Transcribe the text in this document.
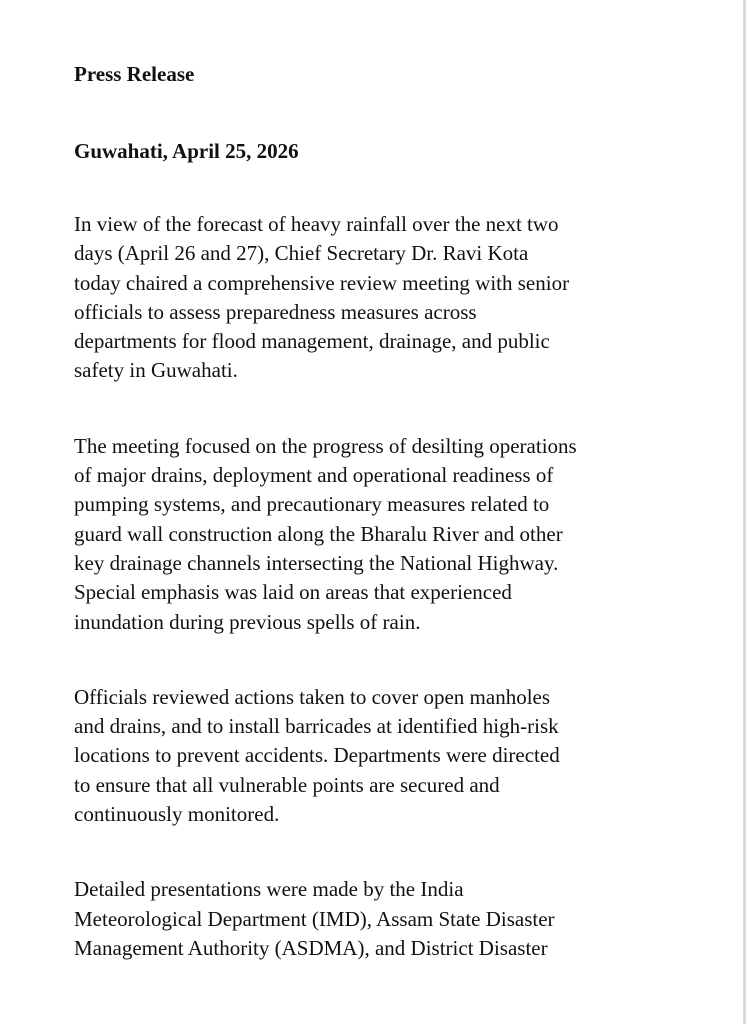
Press Release

Guwahati, April 25, 2026

In view of the forecast of heavy rainfall over the next two
days (April 26 and 27), Chief Secretary Dr. Ravi Kota
today chaired a comprehensive review meeting with senior
officials to assess preparedness measures across
departments for flood management, drainage, and public
safety in Guwahati.

The meeting focused on the progress of desilting operations
of major drains, deployment and operational readiness of
pumping systems, and precautionary measures related to
guard wall construction along the Bharalu River and other
key drainage channels intersecting the National Highway.
Special emphasis was laid on areas that experienced
inundation during previous spells of rain.

Officials reviewed actions taken to cover open manholes
and drains, and to install barricades at identified high-risk
locations to prevent accidents. Departments were directed
to ensure that all vulnerable points are secured and
continuously monitored.

Detailed presentations were made by the India
Meteorological Department (IMD), Assam State Disaster
Management Authority (ASDMA), and District Disaster
